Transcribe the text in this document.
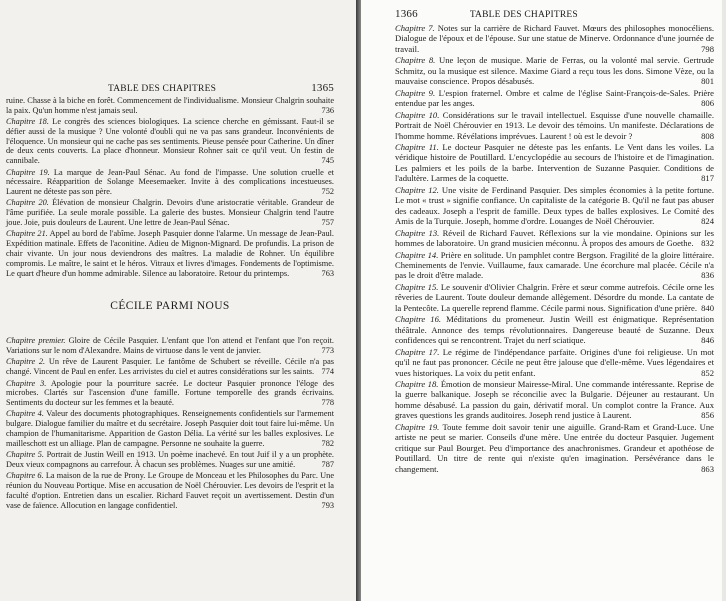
TABLE DES CHAPITRES	1365
ruine. Chasse à la biche en forêt. Commencement de l'individualisme. Monsieur Chalgrin souhaite la paix. Qu'un homme n'est jamais seul.	736
Chapitre 18. Le congrès des sciences biologiques. La science cherche en gémissant. Faut-il se défier aussi de la musique ? Une volonté d'oubli qui ne va pas sans grandeur. Inconvénients de l'éloquence. Un monsieur qui ne cache pas ses sentiments. Pieuse pensée pour Catherine. Un dîner de deux cents couverts. La place d'honneur. Monsieur Rohner sait ce qu'il veut. Un festin de cannibale.	745
Chapitre 19. La marque de Jean-Paul Sénac. Au fond de l'impasse. Une solution cruelle et nécessaire. Réapparition de Solange Meesemaeker. Invite à des complications incestueuses. Laurent ne déteste pas son père.	752
Chapitre 20. Élévation de monsieur Chalgrin. Devoirs d'une aristocratie véritable. Grandeur de l'âme purifiée. La seule morale possible. La galerie des bustes. Monsieur Chalgrin tend l'autre joue. Joie, puis douleurs de Laurent. Une lettre de Jean-Paul Sénac.	757
Chapitre 21. Appel au bord de l'abîme. Joseph Pasquier donne l'alarme. Un message de Jean-Paul. Expédition matinale. Effets de l'aconitine. Adieu de Mignon-Mignard. De profundis. La prison de chair vivante. Un jour nous deviendrons des maîtres. La maladie de Rohner. Un équilibre compromis. Le maître, le saint et le héros. Vitraux et livres d'images. Fondements de l'optimisme. Le quart d'heure d'un homme admirable. Silence au laboratoire. Retour du printemps.	763
CÉCILE PARMI NOUS
Chapitre premier. Gloire de Cécile Pasquier. L'enfant que l'on attend et l'enfant que l'on reçoit. Variations sur le nom d'Alexandre. Mains de virtuose dans le vent de janvier.	773
Chapitre 2. Un rêve de Laurent Pasquier. Le fantôme de Schubert se réveille. Cécile n'a pas changé. Vincent de Paul en enfer. Les arrivistes du ciel et autres considérations sur les saints. 774
Chapitre 3. Apologie pour la pourriture sacrée. Le docteur Pasquier prononce l'éloge des microbes. Clartés sur l'ascension d'une famille. Fortune temporelle des grands écrivains. Sentiments du docteur sur les femmes et la beauté.	778
Chapitre 4. Valeur des documents photographiques. Renseignements confidentiels sur l'armement bulgare. Dialogue familier du maître et du secrétaire. Joseph Pasquier doit tout faire lui-même. Un champion de l'humanitarisme. Apparition de Gaston Délia. La vérité sur les balles explosives. Le mailleschott est un alliage. Plan de campagne. Personne ne souhaite la guerre.	782
Chapitre 5. Portrait de Justin Weill en 1913. Un poème inachevé. En tout Juif il y a un prophète. Deux vieux compagnons au carrefour. À chacun ses problèmes. Nuages sur une amitié.	787
Chapitre 6. La maison de la rue de Prony. Le Groupe de Monceau et les Philosophes du Parc. Une réunion du Nouveau Portique. Mise en accusation de Noël Chérouvier. Les devoirs de l'esprit et la faculté d'option. Entretien dans un escalier. Richard Fauvet reçoit un avertissement. Destin d'un vase de faïence. Allocution en langage confidentiel.	793
1366	TABLE DES CHAPITRES
Chapitre 7. Notes sur la carrière de Richard Fauvet. Mœurs des philosophes monocéliens. Dialogue de l'époux et de l'épouse. Sur une statue de Minerve. Ordonnance d'une journée de travail.	798
Chapitre 8. Une leçon de musique. Marie de Ferras, ou la volonté mal servie. Gertrude Schmitz, ou la musique est silence. Maxime Giard a reçu tous les dons. Simone Vèze, ou la mauvaise conscience. Propos désabusés.	801
Chapitre 9. L'espion fraternel. Ombre et calme de l'église Saint-François-de-Sales. Prière entendue par les anges.	806
Chapitre 10. Considérations sur le travail intellectuel. Esquisse d'une nouvelle chamaille. Portrait de Noël Chérouvier en 1913. Le devoir des témoins. Un manifeste. Déclarations de l'homme homme. Révélations imprévues. Laurent ! où est le devoir ?	808
Chapitre 11. Le docteur Pasquier ne déteste pas les enfants. Le Vent dans les voiles. La véridique histoire de Poutillard. L'encyclopédie au secours de l'histoire et de l'imagination. Les palmiers et les poils de la barbe. Intervention de Suzanne Pasquier. Conditions de l'adultère. Larmes de la coquette.	817
Chapitre 12. Une visite de Ferdinand Pasquier. Des simples économies à la petite fortune. Le mot « trust » signifie confiance. Un capitaliste de la catégorie B. Qu'il ne faut pas abuser des cadeaux. Joseph a l'esprit de famille. Deux types de balles explosives. Le Comité des Amis de la Turquie. Joseph, homme d'ordre. Louanges de Noël Chérouvier.	824
Chapitre 13. Réveil de Richard Fauvet. Réflexions sur la vie mondaine. Opinions sur les hommes de laboratoire. Un grand musicien méconnu. À propos des amours de Goethe. 832
Chapitre 14. Prière en solitude. Un pamphlet contre Bergson. Fragilité de la gloire littéraire. Cheminements de l'envie. Vuillaume, faux camarade. Une écorchure mal placée. Cécile n'a pas le droit d'être malade.	836
Chapitre 15. Le souvenir d'Olivier Chalgrin. Frère et sœur comme autrefois. Cécile orne les rêveries de Laurent. Toute douleur demande allègement. Désordre du monde. La cantate de la Pentecôte. La querelle reprend flamme. Cécile parmi nous. Signification d'une prière. 840
Chapitre 16. Méditations du promeneur. Justin Weill est énigmatique. Représentation théâtrale. Annonce des temps révolutionnaires. Dangereuse beauté de Suzanne. Deux confidences qui se rencontrent. Trajet du nerf sciatique.	846
Chapitre 17. Le régime de l'indépendance parfaite. Origines d'une foi religieuse. Un mot qu'il ne faut pas prononcer. Cécile ne peut être jalouse que d'elle-même. Vues légendaires et vues historiques. La voix du petit enfant.	852
Chapitre 18. Émotion de monsieur Mairesse-Miral. Une commande intéressante. Reprise de la guerre balkanique. Joseph se réconcilie avec la Bulgarie. Déjeuner au restaurant. Un homme désabusé. La passion du gain, dérivatif moral. Un complot contre la France. Aux graves questions les grands auditoires. Joseph rend justice à Laurent.	856
Chapitre 19. Toute femme doit savoir tenir une aiguille. Grand-Ram et Grand-Luce. Une artiste ne peut se marier. Conseils d'une mère. Une entrée du docteur Pasquier. Jugement critique sur Paul Bourget. Peu d'importance des anachronismes. Grandeur et apothéose de Poutillard. Un titre de rente qui n'existe qu'en imagination. Persévérance dans le changement.	863
